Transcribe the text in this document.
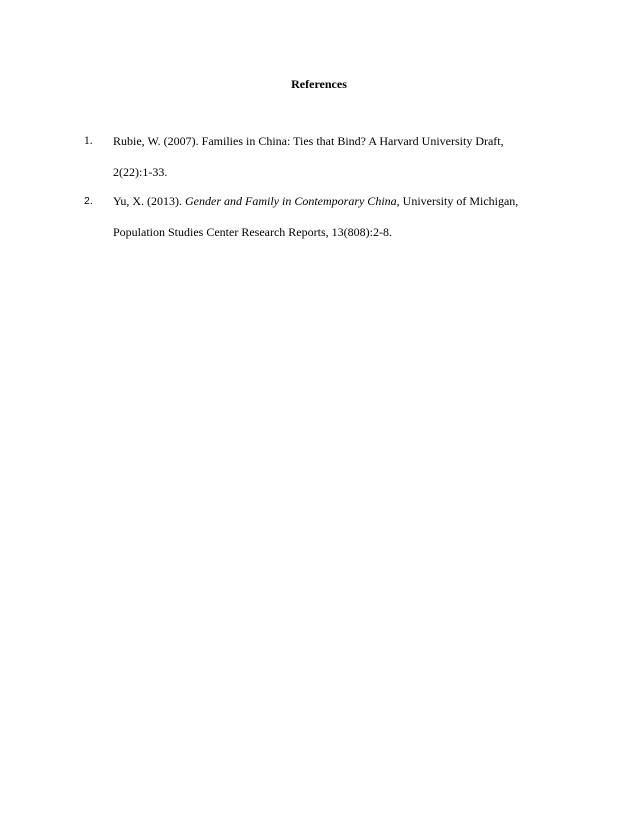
References
1. Rubie, W. (2007). Families in China: Ties that Bind? A Harvard University Draft,
2(22):1-33.
2. Yu, X. (2013). Gender and Family in Contemporary China, University of Michigan,
Population Studies Center Research Reports, 13(808):2-8.
